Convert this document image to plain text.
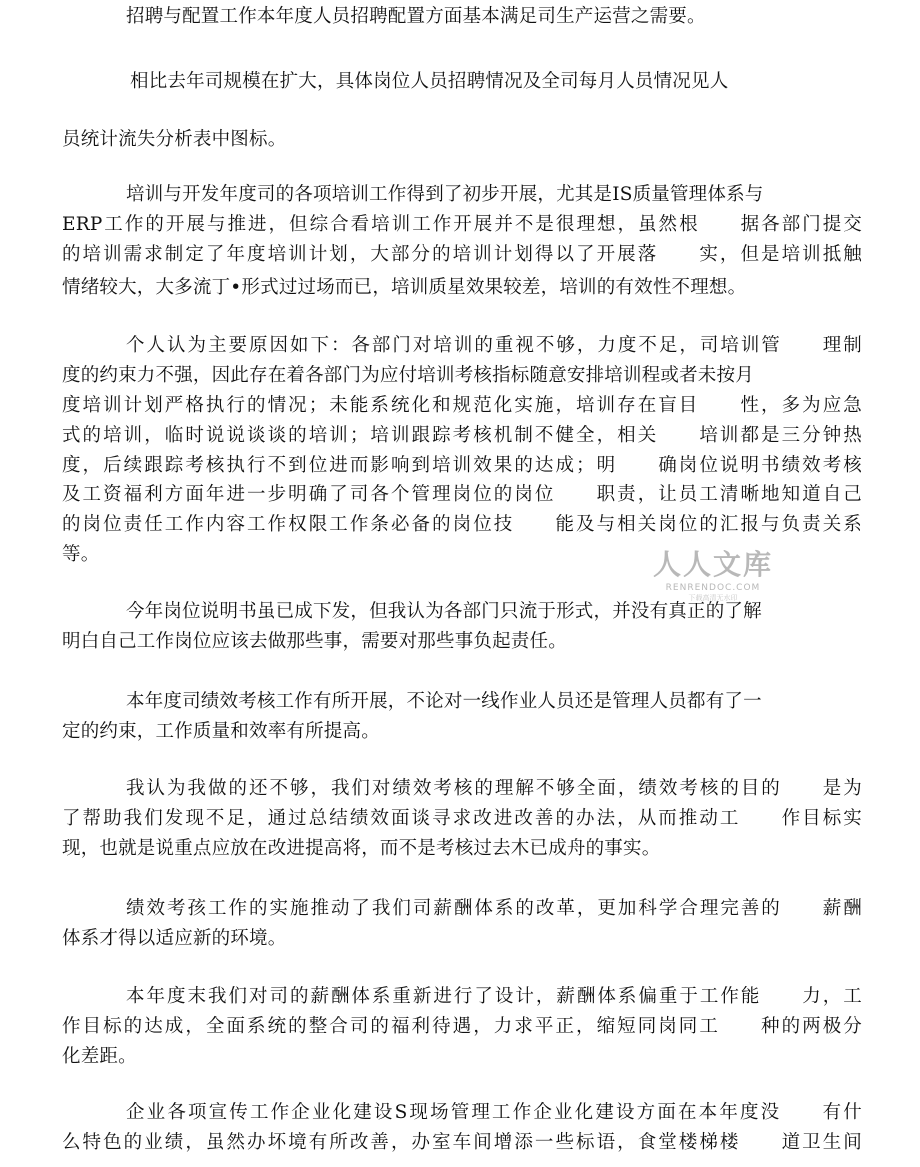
招聘与配置工作本年度人员招聘配置方面基本满足司生产运营之需要。
相比去年司规模在扩大，具体岗位人员招聘情况及全司每月人员情况见人
员统计流失分析表中图标。
培训与开发年度司的各项培训工作得到了初步开展，尤其是IS质量管理体系与
ERP工作的开展与推进，但综合看培训工作开展并不是很理想，虽然根　　据各部门提交
的培训需求制定了年度培训计划，大部分的培训计划得以了开展落　　实，但是培训抵触
情绪较大，大多流丁•形式过过场而已，培训质星效果较差，培训的有效性不理想。
个人认为主要原因如下：各部门对培训的重视不够，力度不足，司培训管　　理制
度的约束力不强，因此存在着各部门为应付培训考核指标随意安排培训程或者未按月
度培训计划严格执行的情况；未能系统化和规范化实施，培训存在盲目　　性，多为应急
式的培训，临时说说谈谈的培训；培训跟踪考核机制不健全，相关　　培训都是三分钟热
度，后续跟踪考核执行不到位进而影响到培训效果的达成；明　　确岗位说明书绩效考核
及工资福利方面年进一步明确了司各个管理岗位的岗位　　职责，让员工清晰地知道自己
的岗位责任工作内容工作权限工作条必备的岗位技　　能及与相关岗位的汇报与负责关系
等。
今年岗位说明书虽已成下发，但我认为各部门只流于形式，并没有真正的了解
明白自己工作岗位应该去做那些事，需要对那些事负起责任。
本年度司绩效考核工作有所开展，不论对一线作业人员还是管理人员都有了一
定的约束，工作质量和效率有所提高。
我认为我做的还不够，我们对绩效考核的理解不够全面，绩效考核的目的　　是为
了帮助我们发现不足，通过总结绩效面谈寻求改进改善的办法，从而推动工　　作目标实
现，也就是说重点应放在改进提高将，而不是考核过去木已成舟的事实。
绩效考孩工作的实施推动了我们司薪酬体系的改革，更加科学合理完善的　　薪酬
体系才得以适应新的环境。
本年度末我们对司的薪酬体系重新进行了设计，薪酬体系偏重于工作能　　力，工
作目标的达成，全面系统的整合司的福利待遇，力求平正，缩短同岗同工　　种的两极分
化差距。
企业各项宣传工作企业化建设S现场管理工作企业化建设方面在本年度没　　有什
么特色的业绩，虽然办坏境有所改善，办室车间增添一些标语，食堂楼梯楼　　道卫生间
人人文库
RENRENDOC.COM
下载高清无水印
